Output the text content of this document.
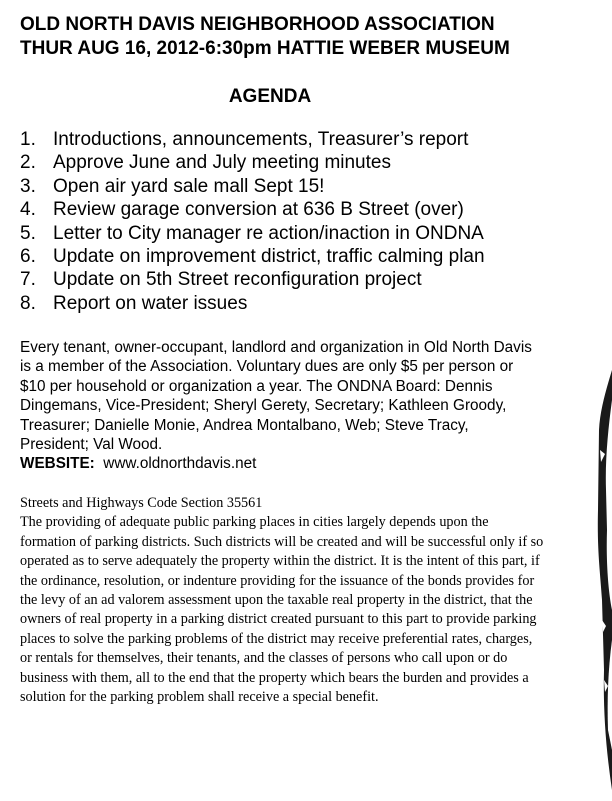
OLD NORTH DAVIS NEIGHBORHOOD ASSOCIATION
THUR AUG 16, 2012-6:30pm HATTIE WEBER MUSEUM
AGENDA
1. Introductions, announcements, Treasurer’s report
2. Approve June and July meeting minutes
3. Open air yard sale mall Sept 15!
4. Review garage conversion at 636 B Street (over)
5. Letter to City manager re action/inaction in ONDNA
6. Update on improvement district, traffic calming plan
7. Update on 5th Street reconfiguration project
8. Report on water issues

Every tenant, owner-occupant, landlord and organization in Old North Davis is a member of the Association. Voluntary dues are only $5 per person or $10 per household or organization a year. The ONDNA Board: Dennis Dingemans, Vice-President; Sheryl Gerety, Secretary; Kathleen Groody, Treasurer; Danielle Monie, Andrea Montalbano, Web; Steve Tracy, President; Val Wood.
WEBSITE: www.oldnorthdavis.net

Streets and Highways Code Section 35561
The providing of adequate public parking places in cities largely depends upon the formation of parking districts. Such districts will be created and will be successful only if so operated as to serve adequately the property within the district. It is the intent of this part, if the ordinance, resolution, or indenture providing for the issuance of the bonds provides for the levy of an ad valorem assessment upon the taxable real property in the district, that the owners of real property in a parking district created pursuant to this part to provide parking places to solve the parking problems of the district may receive preferential rates, charges, or rentals for themselves, their tenants, and the classes of persons who call upon or do business with them, all to the end that the property which bears the burden and provides a solution for the parking problem shall receive a special benefit.
